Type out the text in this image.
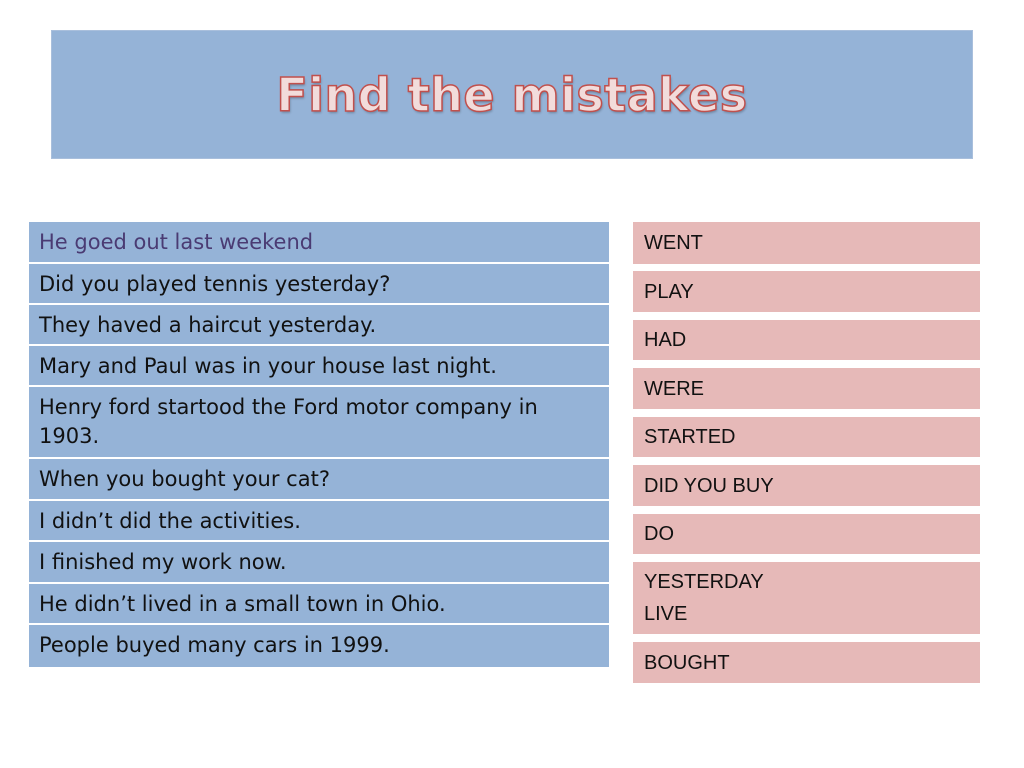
Find the mistakes
He goed out last weekend
Did you played tennis yesterday?
They haved a haircut yesterday.
Mary and Paul was in your house last night.
Henry ford startood the Ford motor company in 1903.
When you bought your cat?
I didn’t did the activities.
I finished my work now.
He didn’t lived in a small town in Ohio.
People buyed many cars in 1999.
WENT
PLAY
HAD
WERE
STARTED
DID YOU BUY
DO
YESTERDAY
LIVE
BOUGHT
